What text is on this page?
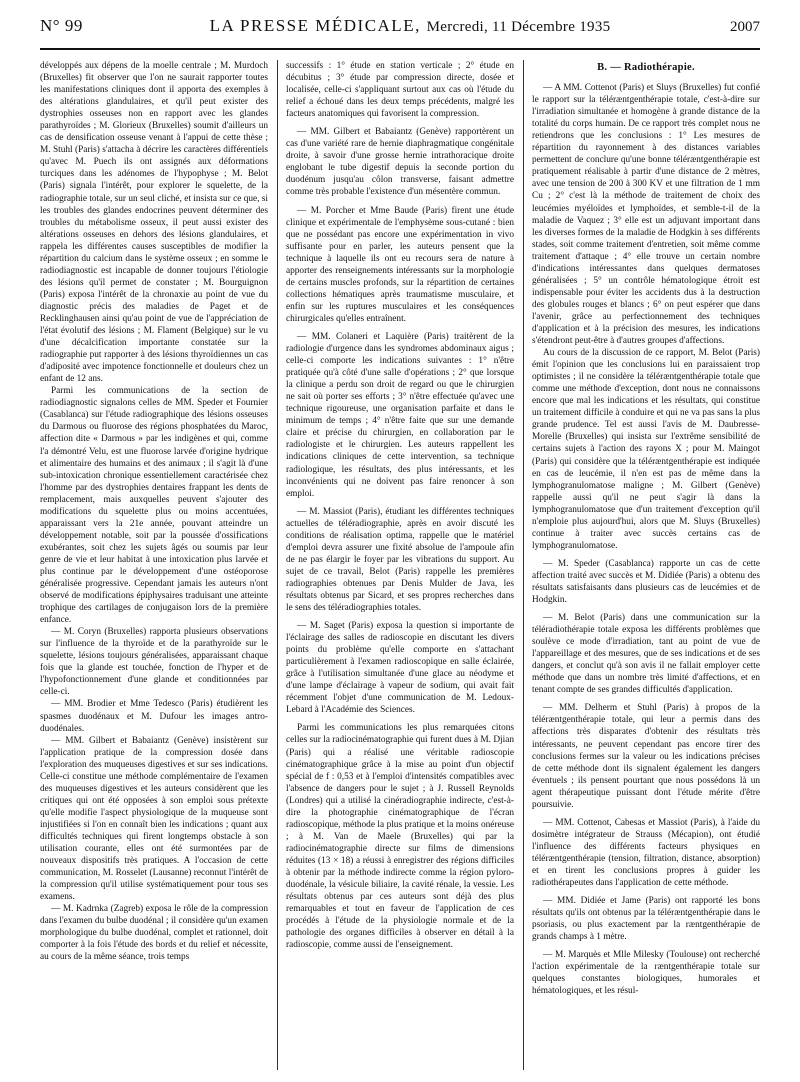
N° 99	LA PRESSE MÉDICALE, Mercredi, 11 Décembre 1935	2007

développés aux dépens de la moelle centrale ; M. Murdoch (Bruxelles) fit observer que l'on ne saurait rapporter toutes les manifestations cliniques dont il apporta des exemples à des altérations glandulaires, et qu'il peut exister des dystrophies osseuses non en rapport avec les glandes parathyroïdes ; M. Glorieux (Bruxelles) soumit d'ailleurs un cas de densification osseuse venant à l'appui de cette thèse ; M. Stuhl (Paris) s'attacha à décrire les caractères différentiels qu'avec M. Puech ils ont assignés aux déformations turciques dans les adénomes de l'hypophyse ; M. Belot (Paris) signala l'intérêt, pour explorer le squelette, de la radiographie totale, sur un seul cliché, et insista sur ce que, si les troubles des glandes endocrines peuvent déterminer des troubles du métabolisme osseux, il peut aussi exister des altérations osseuses en dehors des lésions glandulaires, et rappela les différentes causes susceptibles de modifier la répartition du calcium dans le système osseux ; en somme le radiodiagnostic est incapable de donner toujours l'étiologie des lésions qu'il permet de constater ; M. Bourguignon (Paris) exposa l'intérêt de la chronaxie au point de vue du diagnostic précis des maladies de Paget et de Recklinghausen ainsi qu'au point de vue de l'appréciation de l'état évolutif des lésions ; M. Flament (Belgique) sur le vu d'une décalcification importante constatée sur la radiographie put rapporter à des lésions thyroïdiennes un cas d'adiposité avec impotence fonctionnelle et douleurs chez un enfant de 12 ans.

Parmi les communications de la section de radiodiagnostic signalons celles de MM. Speder et Fournier (Casablanca) sur l'étude radiographique des lésions osseuses du Darmous ou fluorose des régions phosphatées du Maroc, affection dite « Darmous » par les indigènes et qui, comme l'a démontré Velu, est une fluorose larvée d'origine hydrique et alimentaire des humains et des animaux ; il s'agit là d'une sub-intoxication chronique essentiellement caractérisée chez l'homme par des dystrophies dentaires frappant les dents de remplacement, mais auxquelles peuvent s'ajouter des modifications du squelette plus ou moins accentuées, apparaissant vers la 21e année, pouvant atteindre un développement notable, soit par la poussée d'ossifications exubérantes, soit chez les sujets âgés ou soumis par leur genre de vie et leur habitat à une intoxication plus larvée et plus continue par le développement d'une ostéoporose généralisée progressive. Cependant jamais les auteurs n'ont observé de modifications épiphysaires traduisant une atteinte trophique des cartilages de conjugaison lors de la première enfance.

— M. Coryn (Bruxelles) rapporta plusieurs observations sur l'influence de la thyroïde et de la parathyroïde sur le squelette, lésions toujours généralisées, apparaissant chaque fois que la glande est touchée, fonction de l'hyper et de l'hypofonctionnement d'une glande et conditionnées par celle-ci.

— MM. Brodier et Mme Tedesco (Paris) étudièrent les spasmes duodénaux et M. Dufour les images antro-duodénales.

— MM. Gilbert et Babaiantz (Genève) insistèrent sur l'application pratique de la compression dosée dans l'exploration des muqueuses digestives et sur ses indications. Celle-ci constitue une méthode complémentaire de l'examen des muqueuses digestives et les auteurs considèrent que les critiques qui ont été opposées à son emploi sous prétexte qu'elle modifie l'aspect physiologique de la muqueuse sont injustifiées si l'on en connaît bien les indications ; quant aux difficultés techniques qui firent longtemps obstacle à son utilisation courante, elles ont été surmontées par de nouveaux dispositifs très pratiques. A l'occasion de cette communication, M. Rosselet (Lausanne) reconnut l'intérêt de la compression qu'il utilise systématiquement pour tous ses examens.

— M. Kadrnka (Zagreb) exposa le rôle de la compression dans l'examen du bulbe duodénal ; il considère qu'un examen morphologique du bulbe duodénal, complet et rationnel, doit comporter à la fois l'étude des bords et du relief et nécessite, au cours de la même séance, trois temps

successifs : 1° étude en station verticale ; 2° étude en décubitus ; 3° étude par compression directe, dosée et localisée, celle-ci s'appliquant surtout aux cas où l'étude du relief a échoué dans les deux temps précédents, malgré les facteurs anatomiques qui favorisent la compression.

— MM. Gilbert et Babaiantz (Genève) rapportèrent un cas d'une variété rare de hernie diaphragmatique congénitale droite, à savoir d'une grosse hernie intrathoracique droite englobant le tube digestif depuis la seconde portion du duodénum jusqu'au côlon transverse, faisant admettre comme très probable l'existence d'un mésentère commun.

— M. Porcher et Mme Baude (Paris) firent une étude clinique et expérimentale de l'emphysème sous-cutané : bien que ne possédant pas encore une expérimentation in vivo suffisante pour en parler, les auteurs pensent que la technique à laquelle ils ont eu recours sera de nature à apporter des renseignements intéressants sur la morphologie de certains muscles profonds, sur la répartition de certaines collections hématiques après traumatisme musculaire, et enfin sur les ruptures musculaires et les conséquences chirurgicales qu'elles entraînent.

— MM. Colaneri et Laquière (Paris) traitèrent de la radiologie d'urgence dans les syndromes abdominaux aigus ; celle-ci comporte les indications suivantes : 1° n'être pratiquée qu'à côté d'une salle d'opérations ; 2° que lorsque la clinique a perdu son droit de regard ou que le chirurgien ne sait où porter ses efforts ; 3° n'être effectuée qu'avec une technique rigoureuse, une organisation parfaite et dans le minimum de temps ; 4° n'être faite que sur une demande claire et précise du chirurgien, en collaboration par le radiologiste et le chirurgien. Les auteurs rappellent les indications cliniques de cette intervention, sa technique radiologique, les résultats, des plus intéressants, et les inconvénients qui ne doivent pas faire renoncer à son emploi.

— M. Massiot (Paris), étudiant les différentes techniques actuelles de téléradiographie, après en avoir discuté les conditions de réalisation optima, rappelle que le matériel d'emploi devra assurer une fixité absolue de l'ampoule afin de ne pas élargir le foyer par les vibrations du support. Au sujet de ce travail, Belot (Paris) rappelle les premières radiographies obtenues par Denis Mulder de Java, les résultats obtenus par Sicard, et ses propres recherches dans le sens des téléradiographies totales.

— M. Saget (Paris) exposa la question si importante de l'éclairage des salles de radioscopie en discutant les divers points du problème qu'elle comporte en s'attachant particulièrement à l'examen radioscopique en salle éclairée, grâce à l'utilisation simultanée d'une glace au néodyme et d'une lampe d'éclairage à vapeur de sodium, qui avait fait récemment l'objet d'une communication de M. Ledoux-Lebard à l'Académie des Sciences.

Parmi les communications les plus remarquées citons celles sur la radiocinématographie qui furent dues à M. Djian (Paris) qui a réalisé une véritable radioscopie cinématographique grâce à la mise au point d'un objectif spécial de f : 0,53 et à l'emploi d'intensités compatibles avec l'absence de dangers pour le sujet ; à J. Russell Reynolds (Londres) qui a utilisé la cinéradiographie indirecte, c'est-à-dire la photographie cinématographique de l'écran radioscopique, méthode la plus pratique et la moins onéreuse ; à M. Van de Maele (Bruxelles) qui par la radiocinématographie directe sur films de dimensions réduites (13 × 18) a réussi à enregistrer des régions difficiles à obtenir par la méthode indirecte comme la région pyloro-duodénale, la vésicule biliaire, la cavité rénale, la vessie. Les résultats obtenus par ces auteurs sont déjà des plus remarquables et tout en faveur de l'application de ces procédés à l'étude de la physiologie normale et de la pathologie des organes difficiles à observer en détail à la radioscopie, comme aussi de l'enseignement.

B. — Radiothérapie.

— A MM. Cottenot (Paris) et Sluys (Bruxelles) fut confié le rapport sur la téléræntgenthérapie totale, c'est-à-dire sur l'irradiation simultanée et homogène à grande distance de la totalité du corps humain. De ce rapport très complet nous ne retiendrons que les conclusions : 1° Les mesures de répartition du rayonnement à des distances variables permettent de conclure qu'une bonne téléræntgenthérapie est pratiquement réalisable à partir d'une distance de 2 mètres, avec une tension de 200 à 300 KV et une filtration de 1 mm Cu ; 2° c'est là la méthode de traitement de choix des leucémies myéloïdes et lymphoïdes, et semble-t-il de la maladie de Vaquez ; 3° elle est un adjuvant important dans les diverses formes de la maladie de Hodgkin à ses différents stades, soit comme traitement d'entretien, soit même comme traitement d'attaque ; 4° elle trouve un certain nombre d'indications intéressantes dans quelques dermatoses généralisées ; 5° un contrôle hématologique étroit est indispensable pour éviter les accidents dus à la destruction des globules rouges et blancs ; 6° on peut espérer que dans l'avenir, grâce au perfectionnement des techniques d'application et à la précision des mesures, les indications s'étendront peut-être à d'autres groupes d'affections.

Au cours de la discussion de ce rapport, M. Belot (Paris) émit l'opinion que les conclusions lui en paraissaient trop optimistes ; il ne considère la téléræntgenthérapie totale que comme une méthode d'exception, dont nous ne connaissons encore que mal les indications et les résultats, qui constitue un traitement difficile à conduire et qui ne va pas sans la plus grande prudence. Tel est aussi l'avis de M. Daubresse-Morelle (Bruxelles) qui insista sur l'extrême sensibilité de certains sujets à l'action des rayons X ; pour M. Maingot (Paris) qui considère que la téléræntgenthérapie est indiquée en cas de leucémie, il n'en est pas de même dans la lymphogranulomatose maligne ; M. Gilbert (Genève) rappelle aussi qu'il ne peut s'agir là dans la lymphogranulomatose que d'un traitement d'exception qu'il n'emploie plus aujourd'hui, alors que M. Sluys (Bruxelles) continue à traiter avec succès certains cas de lymphogranulomatose.

— M. Speder (Casablanca) rapporte un cas de cette affection traité avec succès et M. Didiée (Paris) a obtenu des résultats satisfaisants dans plusieurs cas de leucémies et de Hodgkin.

— M. Belot (Paris) dans une communication sur la téléradiothérapie totale exposa les différents problèmes que soulève ce mode d'irradiation, tant au point de vue de l'appareillage et des mesures, que de ses indications et de ses dangers, et conclut qu'à son avis il ne fallait employer cette méthode que dans un nombre très limité d'affections, et en tenant compte de ses grandes difficultés d'application.

— MM. Delherm et Stuhl (Paris) à propos de la téléræntgenthérapie totale, qui leur a permis dans des affections très disparates d'obtenir des résultats très intéressants, ne peuvent cependant pas encore tirer des conclusions fermes sur la valeur ou les indications précises de cette méthode dont ils signalent également les dangers éventuels ; ils pensent pourtant que nous possédons là un agent thérapeutique puissant dont l'étude mérite d'être poursuivie.

— MM. Cottenot, Cabesas et Massiot (Paris), à l'aide du dosimètre intégrateur de Strauss (Mécapion), ont étudié l'influence des différents facteurs physiques en téléræntgenthérapie (tension, filtration, distance, absorption) et en tirent les conclusions propres à guider les radiothérapeutes dans l'application de cette méthode.

— MM. Didiée et Jame (Paris) ont rapporté les bons résultats qu'ils ont obtenus par la téléræntgenthérapie dans le psoriasis, ou plus exactement par la ræntgenthérapie de grands champs à 1 mètre.

— M. Marquès et Mlle Milesky (Toulouse) ont recherché l'action expérimentale de la ræntgenthérapie totale sur quelques constantes biologiques, humorales et hématologiques, et les résul-
